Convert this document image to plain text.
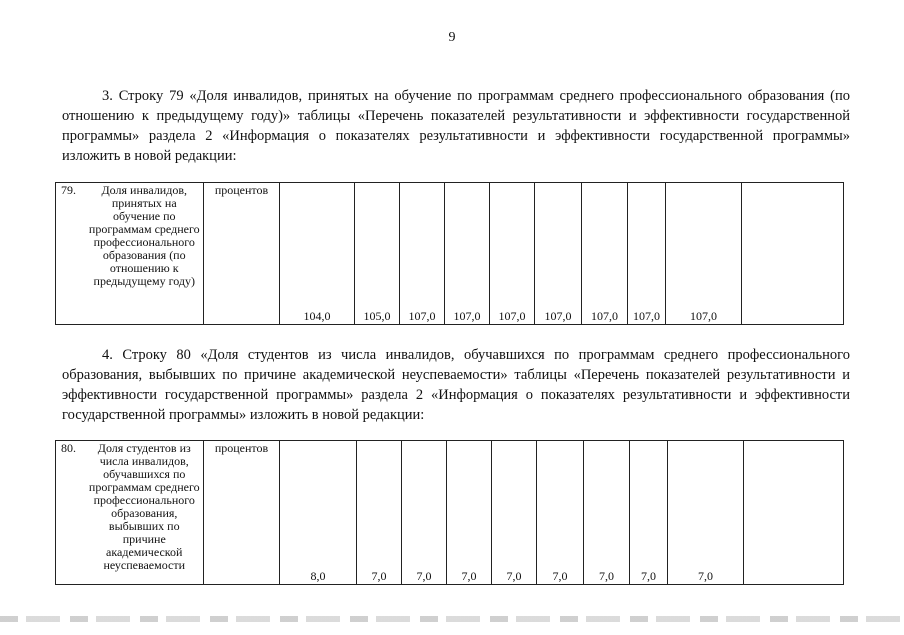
9

3. Строку 79 «Доля инвалидов, принятых на обучение по программам среднего профессионального образования (по отношению к предыдущему году)» таблицы «Перечень показателей результативности и эффективности государственной программы» раздела 2 «Информация о показателях результативности и эффективности государственной программы» изложить в новой редакции:

79.	Доля инвалидов, принятых на обучение по программам среднего профессионального образования (по отношению к предыдущему году)	процентов	104,0	105,0	107,0	107,0	107,0	107,0	107,0	107,0	107,0	

4. Строку 80 «Доля студентов из числа инвалидов, обучавшихся по программам среднего профессионального образования, выбывших по причине академической неуспеваемости» таблицы «Перечень показателей результативности и эффективности государственной программы» раздела 2 «Информация о показателях результативности и эффективности государственной программы» изложить в новой редакции:

80.	Доля студентов из числа инвалидов, обучавшихся по программам среднего профессионального образования, выбывших по причине академической неуспеваемости	процентов	8,0	7,0	7,0	7,0	7,0	7,0	7,0	7,0	7,0	
